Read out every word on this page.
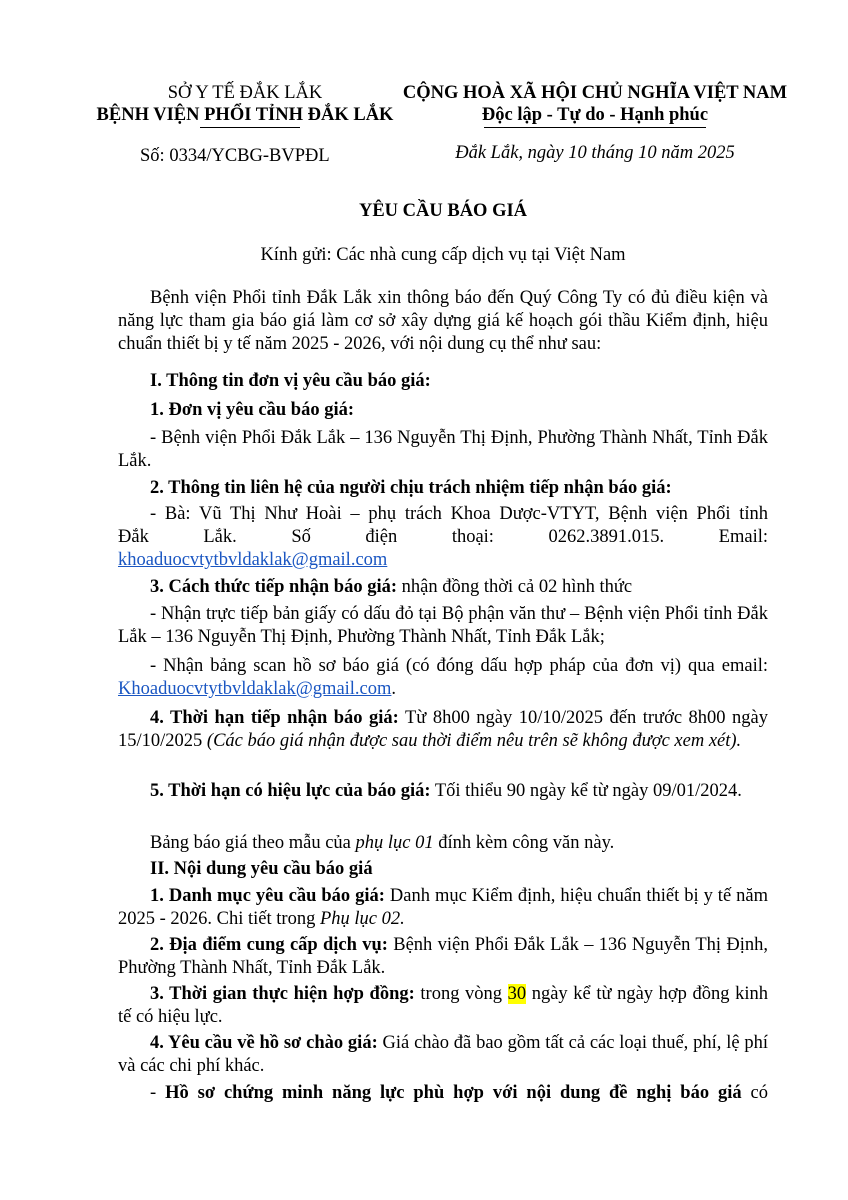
SỞ Y TẾ ĐẮK LẮK
BỆNH VIỆN PHỔI TỈNH ĐẮK LẮK
Số: 0334/YCBG-BVPĐL
CỘNG HOÀ XÃ HỘI CHỦ NGHĨA VIỆT NAM
Độc lập - Tự do - Hạnh phúc
Đắk Lắk, ngày 10 tháng 10 năm 2025
YÊU CẦU BÁO GIÁ
Kính gửi: Các nhà cung cấp dịch vụ tại Việt Nam
Bệnh viện Phổi tỉnh Đắk Lắk xin thông báo đến Quý Công Ty có đủ điều kiện và năng lực tham gia báo giá làm cơ sở xây dựng giá kế hoạch gói thầu Kiểm định, hiệu chuẩn thiết bị y tế năm 2025 - 2026, với nội dung cụ thể như sau:
I. Thông tin đơn vị yêu cầu báo giá:
1. Đơn vị yêu cầu báo giá:
- Bệnh viện Phổi Đắk Lắk – 136 Nguyễn Thị Định, Phường Thành Nhất, Tỉnh Đắk Lắk.
2. Thông tin liên hệ của người chịu trách nhiệm tiếp nhận báo giá:
- Bà: Vũ Thị Như Hoài – phụ trách Khoa Dược-VTYT, Bệnh viện Phổi tỉnh
Đắk	Lắk.	Số	điện	thoại:	0262.3891.015.	Email:
khoaduocvtytbvldaklak@gmail.com
3. Cách thức tiếp nhận báo giá: nhận đồng thời cả 02 hình thức
- Nhận trực tiếp bản giấy có dấu đỏ tại Bộ phận văn thư – Bệnh viện Phổi tỉnh Đắk Lắk – 136 Nguyễn Thị Định, Phường Thành Nhất, Tỉnh Đắk Lắk;
- Nhận bảng scan hồ sơ báo giá (có đóng dấu hợp pháp của đơn vị) qua email: Khoaduocvtytbvldaklak@gmail.com.
4. Thời hạn tiếp nhận báo giá: Từ 8h00 ngày 10/10/2025 đến trước 8h00 ngày 15/10/2025 (Các báo giá nhận được sau thời điểm nêu trên sẽ không được xem xét).
5. Thời hạn có hiệu lực của báo giá: Tối thiểu 90 ngày kể từ ngày 09/01/2024.
Bảng báo giá theo mẫu của phụ lục 01 đính kèm công văn này.
II. Nội dung yêu cầu báo giá
1. Danh mục yêu cầu báo giá: Danh mục Kiểm định, hiệu chuẩn thiết bị y tế năm 2025 - 2026. Chi tiết trong Phụ lục 02.
2. Địa điểm cung cấp dịch vụ: Bệnh viện Phổi Đắk Lắk – 136 Nguyễn Thị Định, Phường Thành Nhất, Tỉnh Đắk Lắk.
3. Thời gian thực hiện hợp đồng: trong vòng 30 ngày kể từ ngày hợp đồng kinh tế có hiệu lực.
4. Yêu cầu về hồ sơ chào giá: Giá chào đã bao gồm tất cả các loại thuế, phí, lệ phí và các chi phí khác.
- Hồ sơ chứng minh năng lực phù hợp với nội dung đề nghị báo giá có
